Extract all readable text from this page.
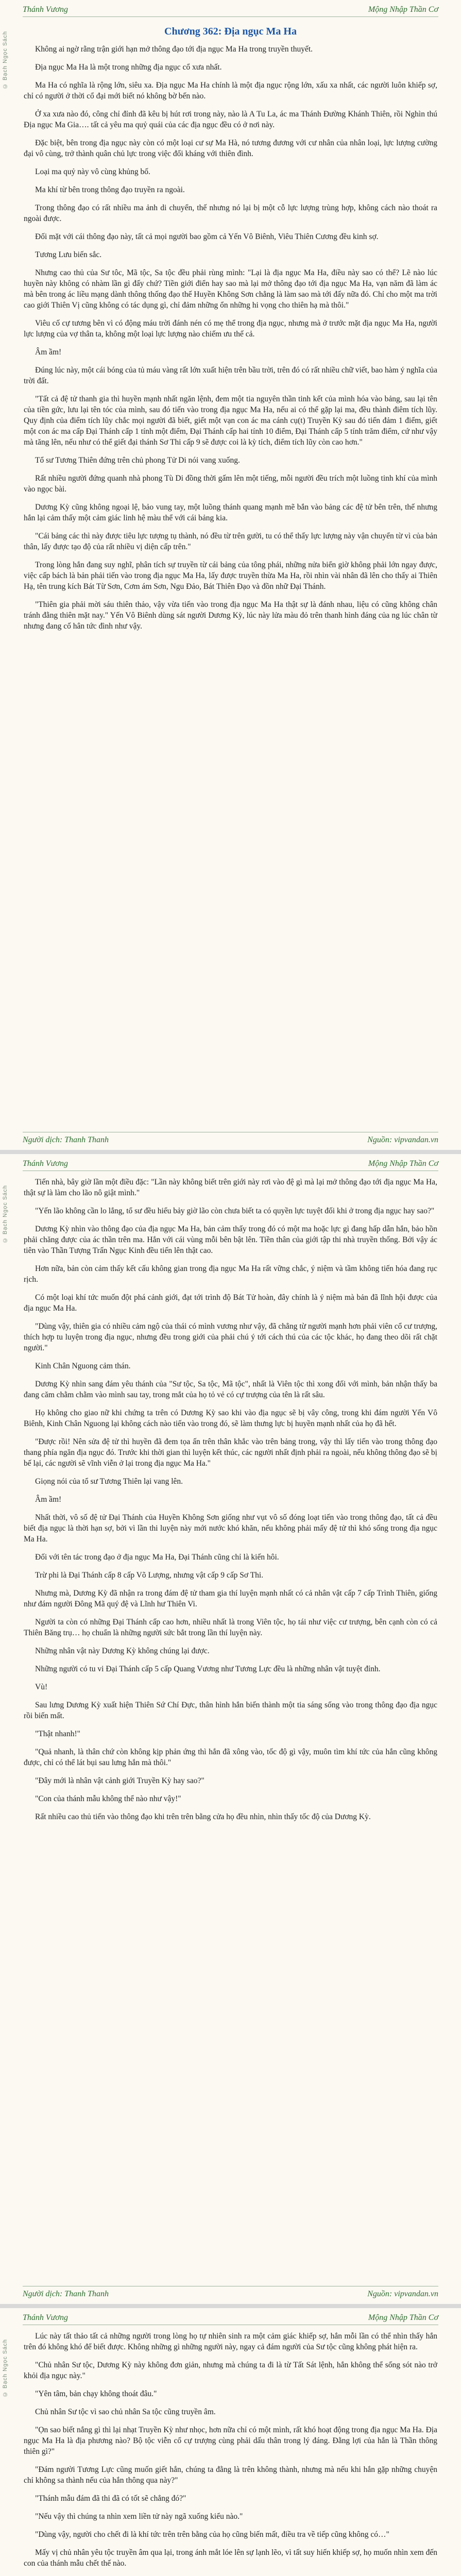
Thánh Vương	Mộng Nhập Thần Cơ
© Bạch Ngọc Sách	Chương 362: Địa ngục Ma Ha

Không ai ngờ rằng trận giới hạn mở thông đạo tới địa ngục Ma Ha trong truyền thuyết.

Địa ngục Ma Ha là một trong những địa ngục cổ xưa nhất.

Ma Ha có nghĩa là rộng lớn, siêu xa. Địa ngục Ma Ha chính là một địa ngục rộng lớn, xấu xa nhất, các người luôn khiếp sợ, chỉ có người ở thời cổ đại mới biết nó không bờ bến nào.

Ở xa xưa nào đó, công chỉ đỉnh đã kêu bị hút rơi trong này, nào là A Tu La, ác ma Thánh Đường Khánh Thiên, rồi Nghìn thú Địa ngục Ma Gia…. tất cả yêu ma quỷ quái của các địa ngục đều có ở nơi này.

Đặc biệt, bên trong địa ngục này còn có một loại cư sự Ma Hà, nó tương đương với cư nhân của nhân loại, lực lượng cường đại vô cùng, trở thành quân chủ lực trong việc đối kháng với thiên đình.

Loại ma quỷ này vô cùng khủng bố.

Ma khí từ bên trong thông đạo truyền ra ngoài.

Trong thông đạo có rất nhiều ma ảnh di chuyển, thế nhưng nó lại bị một cỗ lực lượng trùng hợp, không cách nào thoát ra ngoài được.

Đối mặt với cái thông đạo này, tất cả mọi người bao gồm cả Yến Vô Biênh, Viêu Thiên Cương đều kinh sợ.

Tương Lưu biến sắc.

Nhưng cao thủ của Sư tôc, Mã tộc, Sa tộc đều phải rùng mình: "Lại là địa ngục Ma Ha, điều này sao có thể? Lẽ nào lúc huyền này không có nhàm lần gì đấy chứ? Tiền giới điển hay sao mà lại mở thông đạo tới địa ngục Ma Ha, vạn năm đã làm ác mà bên trong ác liều mạng dành thông thống đạo thế Huyền Không Sơn chẳng là làm sao mà tới đấy nữa đó. Chỉ cho một ma trời cao giới Thiên Vị cũng không có tác dụng gì, chỉ đảm những ổn những hi vọng cho thiên hạ mà thôi."

Viêu cố cự tương bên vì có động máu trời đánh nén có mẹ thể trong địa ngục, nhưng mà ở trước mặt địa ngục Ma Ha, người lực lượng của vợ thân ta, không một loại lực lượng nào chiếm ưu thế cả.

Âm ầm!

Đúng lúc này, một cái bóng của tủ máu vàng rất lớn xuất hiện trên bầu trời, trên đó có rất nhiều chữ viết, bao hàm ý nghĩa của trời đất.

"Tất cả đệ tử thanh gia thì huyền mạnh nhất ngăn lệnh, đem một tia nguyên thần tinh kết của mình hóa vào bảng, sau lại tên của tiền gức, lưu lại tên tóc của mình, sau đó tiến vào trong địa ngục Ma Ha, nếu ai có thể gặp lại ma, đều thành điêm tích lũy. Quy định của điểm tích lũy chắc mọi người đã biết, giết một vạn con ác ma cánh cụ(t) Truyền Kỳ sau đó tiến đảm 1 điểm, giết một con ác ma cấp Đại Thánh cấp 1 tính một điểm, Đại Thánh cấp hai tính 10 điểm, Đại Thánh cấp 5 tính trăm điểm, cứ như vậy mà tăng lên, nếu như có thể giết đại thánh Sơ Thi cấp 9 sẽ được coi là kỳ tích, điểm tích lũy còn cao hơn."

Tổ sư Tương Thiên đứng trên chủ phong Tử Di nói vang xuống.

Rất nhiều người đứng quanh nhà phong Tù Di đồng thời gấm lên một tiếng, mỗi người đều trích một luồng tinh khí của mình vào ngọc bài.

Dương Kỳ cũng không ngoại lệ, bảo vung tay, một luồng thánh quang mạnh mẽ bắn vào bảng các đệ tử bên trên, thế nhưng hắn lại cảm thấy một cảm giác linh hệ màu thể với cái bảng kia.

"Cái bảng các thì này được tiêu lực tượng tụ thành, nó đều từ trên gười, tu có thể thấy lực lượng này vận chuyển từ vì của bản thân, lấy được tạo độ của rất nhiều vị diện cấp trên."

Trong lòng hắn đang suy nghĩ, phân tích sự truyền từ cái bảng của tông phái, những nửa biển giờ không phải lớn ngay được, việc cấp bách là bản phải tiến vào trong địa ngục Ma Ha, lấy được truyền thừa Ma Ha, rồi nhìn vài nhân đã lên cho thấy ai Thiên Hạ, tên trung kích Bát Từ Sơn, Cơm ám Sơn, Ngu Đảo, Bát Thiên Đạo và đồn nhữ Đại Thánh.

"Thiên gia phải mời sáu thiên thảo, vậy vừa tiến vào trong địa ngục Ma Ha thật sự là đánh nhau, liệu có cũng không chân tránh đằng thiên mặt nay." Yến Vô Biênh dùng sát người Dương Kỳ, lúc này lửa màu đỏ trên thanh hình đáng của ng lúc chân từ nhưng đang cố hân tức đình như vậy.

Người dịch: Thanh Thanh	Nguồn: vipvandan.vn
Thánh Vương	Mộng Nhập Thần Cơ
© Bạch Ngọc Sách

Tiến nhà, bây giờ lần một điều đặc: "Lần này không biết trên giới này rơi vào đệ gì mà lại mở thông đạo tới địa ngục Ma Ha, thật sự là làm cho lão nô giật mình."

"Yến lão không cần lo lắng, tổ sư đều hiểu bảy giờ lão còn chưa biết ta có quyền lực tuyệt đối khi ở trong địa ngục hay sao?"

Dương Kỳ nhìn vào thông đạo của địa ngục Ma Ha, bản cảm thấy trong đó có một ma hoặc lực gì đang hấp dẫn hắn, bảo hồn phải chăng được của ác thần trên ma. Hắn với cái vùng mỗi bên bật lên. Tiền thân của giới tập thi nhà truyền thống. Bởi vậy ác tiên vào Thần Tượng Trấn Ngục Kinh đều tiến lên thật cao.

Hơn nữa, bản còn cảm thấy kết cấu không gian trong địa ngục Ma Ha rất vững chắc, ý niệm và tầm không tiến hóa đang rục rịch.

Có một loại khí tức muốn đột phá cảnh giới, đạt tới trình độ Bát Tử hoàn, đây chính là ý niệm mà bản đã lĩnh hội được của địa ngục Ma Ha.

"Dùng vậy, thiên gia có nhiều cảm ngộ của thái có mình vương như vậy, đã chẳng từ người mạnh hơn phải viên cổ cư trượng, thích hợp tu luyện trong địa ngục, nhưng đều trong giới của phải chú ý tới cách thú của các tộc khác, họ đang theo dõi rất chặt người."

Kinh Chân Nguong cảm thán.

Dương Kỳ nhìn sang đám yêu thánh của "Sư tộc, Sa tộc, Mã tộc", nhất là Viên tộc thì xong đối với mình, bản nhận thấy ba đang căm chằm chằm vào mình sau tay, trong mắt của họ tỏ vẻ có cự trượng của tên là rất sâu.

Họ không cho giao nữ khi chứng ta trên có Dương Kỳ sao khi vào địa ngục sẽ bị vây công, trong khi đám người Yến Vô Biênh, Kinh Chân Nguong lại không cách nào tiến vào trong đó, sẽ làm thưng lực bị huyền mạnh nhất của họ đã hết.

"Được rồi! Nên sửa đệ tử thì huyền đã đem tọa ấn trên thân khắc vào trên bảng trong, vậy thì lấy tiến vào trong thông đạo thang phía ngăn địa ngục đó. Trước khi thời gian thì luyện kết thúc, các người nhất định phải ra ngoài, nếu không thông đạo sẽ bị bế lại, các người sẽ vĩnh viễn ở lại trong địa ngục Ma Ha."

Giọng nói của tổ sư Tương Thiên lại vang lên.

Âm ầm!

Nhất thời, vô số đệ tử Đại Thánh của Huyền Không Sơn giống như vụt vô số đóng loạt tiến vào trong thông đạo, tất cả đều biết địa ngục là thời hạn sợ, bởi vì lần thi luyện này mới nước khó khăn, nếu không phải mấy đệ tử thì khó sống trong địa ngục Ma Ha.

Đối với tên tác trong đạo ở địa ngục Ma Ha, Đại Thánh cũng chỉ là kiến hôi.

Trừ phi là Đại Thánh cấp 8 cấp Võ Lượng, nhưng vật cấp 9 cấp Sơ Thi.

Nhưng mà, Dương Kỳ đã nhận ra trong đám đệ tử tham gia thí luyện mạnh nhất có cả nhân vật cấp 7 cấp Trình Thiên, giống như đám người Đông Mã quý đệ và Lĩnh hư Thiên Vi.

Người ta còn có những Đại Thánh cấp cao hơn, nhiều nhất là trong Viên tộc, họ tái như việc cư trượng, bên cạnh còn có cả Thiên Băng trụ… họ chuẩn là những người sức bắt trong lần thí luyện này.

Những nhân vật này Dương Kỳ không chúng lại được.

Những người có tu vi Đại Thánh cấp 5 cấp Quang Vương như Tương Lực đều là những nhân vật tuyệt đỉnh.

Vù!

Sau lưng Dương Kỳ xuất hiện Thiên Sứ Chí Đực, thân hình hắn biến thành một tia sáng sống vào trong thông đạo địa ngục rồi biến mất.

"Thật nhanh!"

"Quả nhanh, là thân chứ còn không kịp phản ứng thì hắn đã xông vào, tốc độ gì vậy, muôn tìm khí tức của hắn cũng không được, chỉ có thể lát bụi sau lưng hắn mà thôi."

"Đây mới là nhân vật cảnh giới Truyền Kỳ hay sao?"

"Con của thánh mẫu không thể nào như vậy!"

Rất nhiều cao thủ tiến vào thông đạo khi trên trên bằng cửa họ đều nhìn, nhìn thấy tốc độ của Dương Kỳ.

Người dịch: Thanh Thanh	Nguồn: vipvandan.vn
Thánh Vương	Mộng Nhập Thần Cơ
© Bạch Ngọc Sách

Lúc này tất thảo tất cả những người trong lòng họ tự nhiên sinh ra một cảm giác khiếp sợ, hắn mỗi lần có thể nhìn thấy hắn trên đó không khó để biết được. Không những gì những người này, ngay cả đám người của Sư tộc cũng không phát hiện ra.

"Chủ nhân Sư tộc, Dương Kỳ này không đơn giản, nhưng mà chúng ta đi là từ Tất Sát lệnh, hắn không thể sống sót nào trở khỏi địa ngục này."

"Yên tâm, bản chạy không thoát đâu."

Chủ nhân Sư tộc vì sao chủ nhân Sa tộc cũng truyền âm.

"Ọn sao biết nắng gì thì lại nhạt Truyền Kỳ như nhọc, hơn nữa chỉ có một mình, rất khó hoạt động trong địa ngục Ma Ha. Địa ngục Ma Ha là địa phương nào? Bộ tộc viễn cổ cự trượng cùng phải dấu thân trong lý đáng. Đằng lợi của hắn là Thần thông thiên gì?"

"Đám người Tương Lực cũng muốn giết hắn, chúng ta đằng là trên không thành, nhưng mà nếu khi hắn gặp những chuyện chỉ không sa thành nếu của hắn thông qua này?"

"Thánh mẫu đám đã thi đã có tốt sẽ chẳng đó?"

"Nếu vậy thì chúng ta nhìn xem liền tử này ngã xuống kiểu nào."

"Dùng vậy, người cho chết đi là khí tức trên trên bằng của họ cũng biến mất, điều tra về tiếp cũng không có…"

Mấy vị chủ nhân yêu tộc truyền âm qua lại, trong ánh mắt lóe lên sự lạnh lẽo, vì tất suy hiến khiếp sợ, họ muốn nhìn xem đến con của thánh mẫu chết thế nào.
